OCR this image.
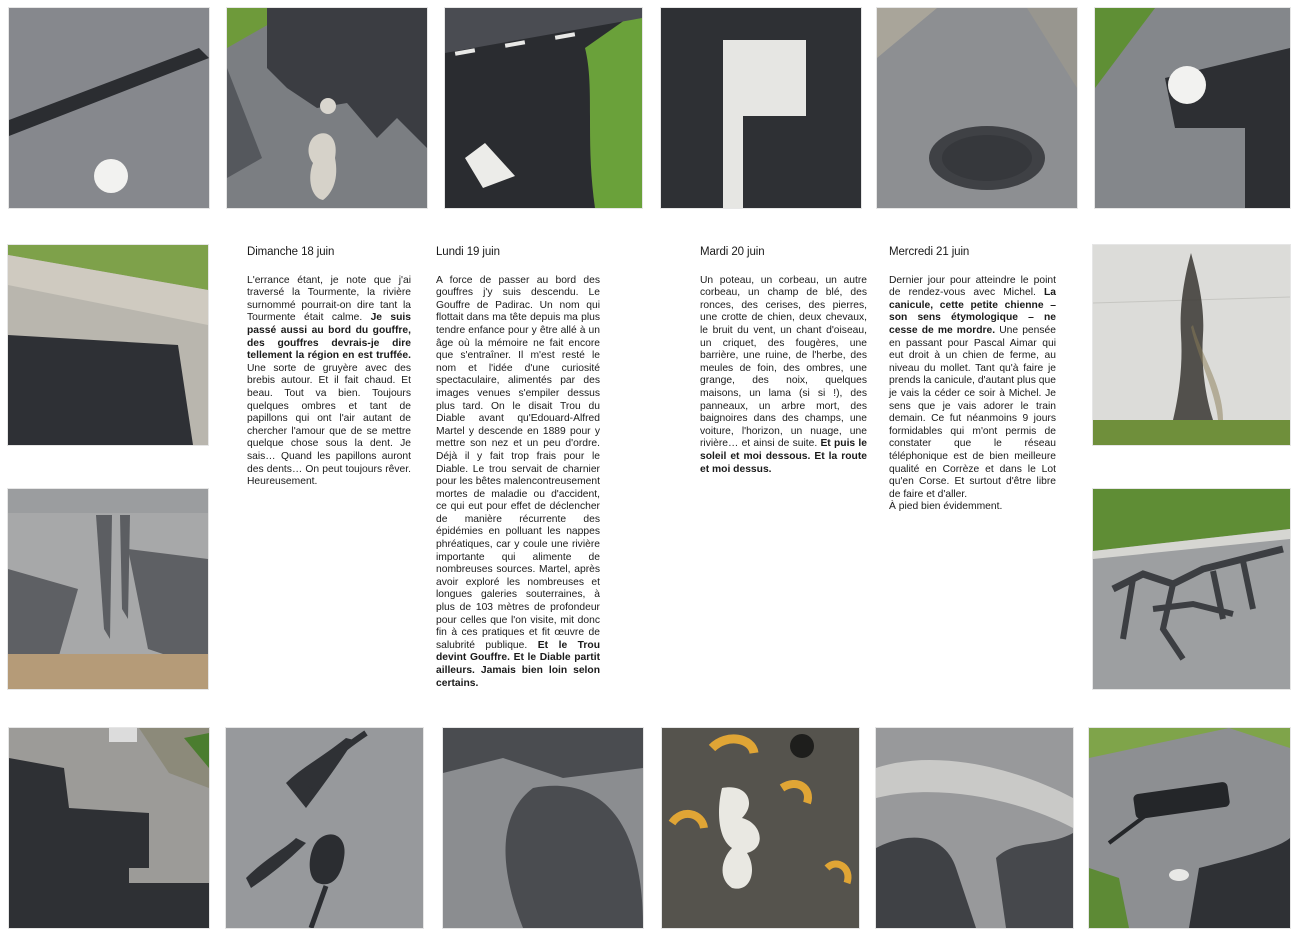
Dimanche 18 juin

L'errance étant, je note que j'ai traversé la Tourmente, la rivière surnommé pourrait-on dire tant la Tourmente était calme. Je suis passé aussi au bord du gouffre, des gouffres devrais-je dire tellement la région en est truffée. Une sorte de gruyère avec des brebis autour. Et il fait chaud. Et beau. Tout va bien. Toujours quelques ombres et tant de papillons qui ont l'air autant de chercher l'amour que de se mettre quelque chose sous la dent. Je sais… Quand les papillons auront des dents… On peut toujours rêver. Heureusement.

Lundi 19 juin

A force de passer au bord des gouffres j'y suis descendu. Le Gouffre de Padirac. Un nom qui flottait dans ma tête depuis ma plus tendre enfance pour y être allé à un âge où la mémoire ne fait encore que s'entraîner. Il m'est resté le nom et l'idée d'une curiosité spectaculaire, alimentés par des images venues s'empiler dessus plus tard. On le disait Trou du Diable avant qu'Edouard-Alfred Martel y descende en 1889 pour y mettre son nez et un peu d'ordre. Déjà il y fait trop frais pour le Diable. Le trou servait de charnier pour les bêtes malencontreusement mortes de maladie ou d'accident, ce qui eut pour effet de déclencher de manière récurrente des épidémies en polluant les nappes phréatiques, car y coule une rivière importante qui alimente de nombreuses sources. Martel, après avoir exploré les nombreuses et longues galeries souterraines, à plus de 103 mètres de profondeur pour celles que l'on visite, mit donc fin à ces pratiques et fit œuvre de salubrité publique. Et le Trou devint Gouffre. Et le Diable partit ailleurs. Jamais bien loin selon certains.

Mardi 20 juin

Un poteau, un corbeau, un autre corbeau, un champ de blé, des ronces, des cerises, des pierres, une crotte de chien, deux chevaux, le bruit du vent, un chant d'oiseau, un criquet, des fougères, une barrière, une ruine, de l'herbe, des meules de foin, des ombres, une grange, des noix, quelques maisons, un lama (si si !), des panneaux, un arbre mort, des baignoires dans des champs, une voiture, l'horizon, un nuage, une rivière… et ainsi de suite. Et puis le soleil et moi dessous. Et la route et moi dessus.

Mercredi 21 juin

Dernier jour pour atteindre le point de rendez-vous avec Michel. La canicule, cette petite chienne – son sens étymologique – ne cesse de me mordre. Une pensée en passant pour Pascal Aimar qui eut droit à un chien de ferme, au niveau du mollet. Tant qu'à faire je prends la canicule, d'autant plus que je vais la céder ce soir à Michel. Je sens que je vais adorer le train demain. Ce fut néanmoins 9 jours formidables qui m'ont permis de constater que le réseau téléphonique est de bien meilleure qualité en Corrèze et dans le Lot qu'en Corse. Et surtout d'être libre de faire et d'aller.

À pied bien évidemment.
